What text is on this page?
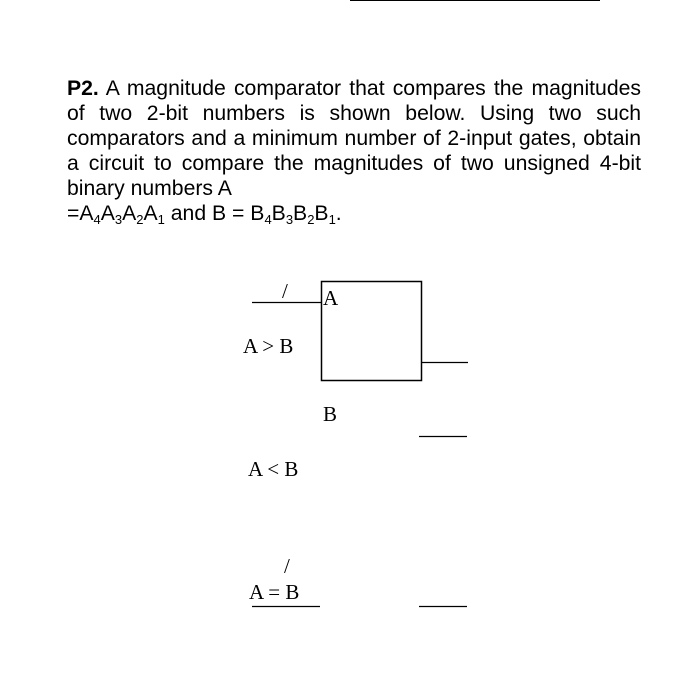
P2. A magnitude comparator that compares the magnitudes of two 2-bit numbers is shown below. Using two such comparators and a minimum number of 2-input gates, obtain a circuit to compare the magnitudes of two unsigned 4-bit binary numbers A
$=A_4A_3A_2A_1$ and $B = B_4B_3B_2B_1$.
/ A
A > B
B
A < B
/
A = B
